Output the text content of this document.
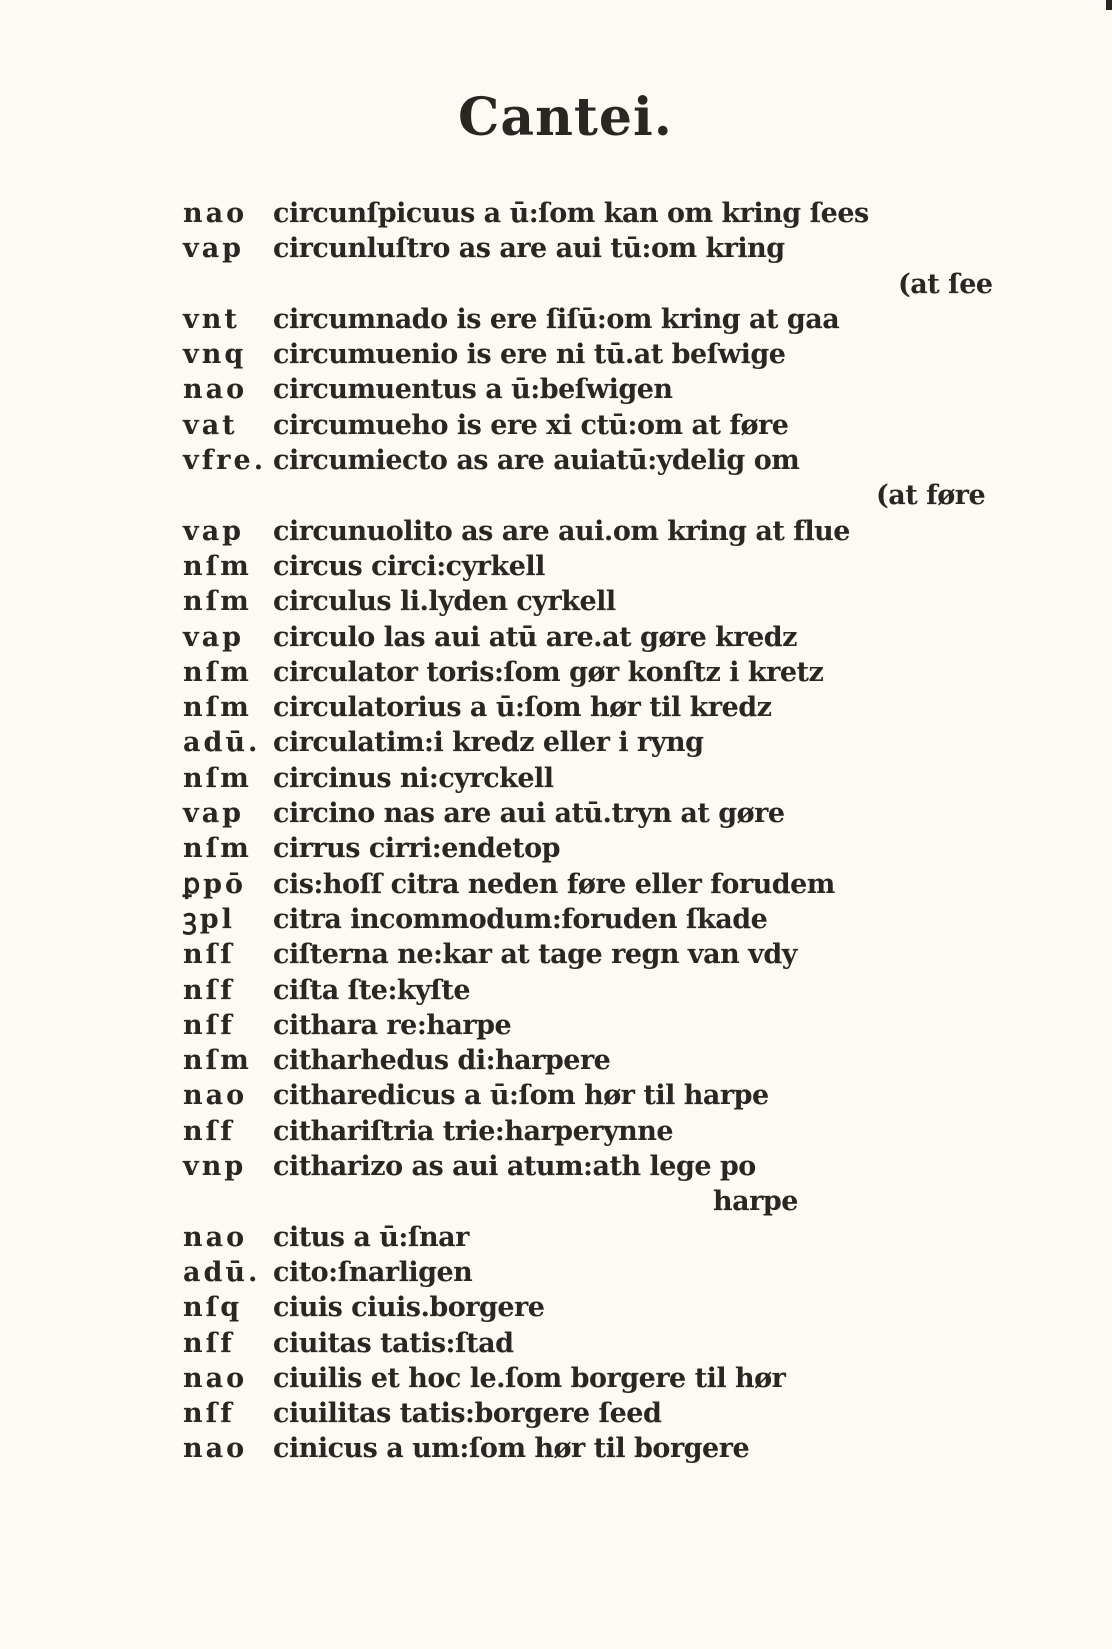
Cantei.
nao circunſpicuus a ū:ſom kan om kring ſees
vap circunluſtro as are aui tū:om kring
(at ſee
vnt circumnado is ere ſiſū:om kring at gaa
vnq circumuenio is ere ni tū.at beſwige
nao circumuentus a ū:beſwigen
vat circumueho is ere xi ctū:om at føre
vfre. circumiecto as are auiatū:ydelig om
(at føre
vap circunuolito as are aui.om kring at flue
nſm circus circi:cyrkell
nſm circulus li.lyden cyrkell
vap circulo las aui atū are.at gøre kredz
nſm circulator toris:ſom gør konſtz i kretz
nſm circulatorius a ū:ſom hør til kredz
adū. circulatim:i kredz eller i ryng
nſm circinus ni:cyrckell
vap circino nas are aui atū.tryn at gøre
nſm cirrus cirri:endetop
ꝑpō cis:hoſſ citra neden føre eller forudem
ꝫpl citra incommodum:foruden ſkade
nſſ ciſterna ne:kar at tage regn van vdy
nſf ciſta ſte:kyſte
nſf cithara re:harpe
nſm citharhedus di:harpere
nao citharedicus a ū:ſom hør til harpe
nſf cithariſtria trie:harperynne
vnp citharizo as aui atum:ath lege po
harpe
nao citus a ū:ſnar
adū. cito:ſnarligen
nſq ciuis ciuis.borgere
nſf ciuitas tatis:ſtad
nao ciuilis et hoc le.ſom borgere til hør
nſf ciuilitas tatis:borgere ſeed
nao cinicus a um:ſom hør til borgere
